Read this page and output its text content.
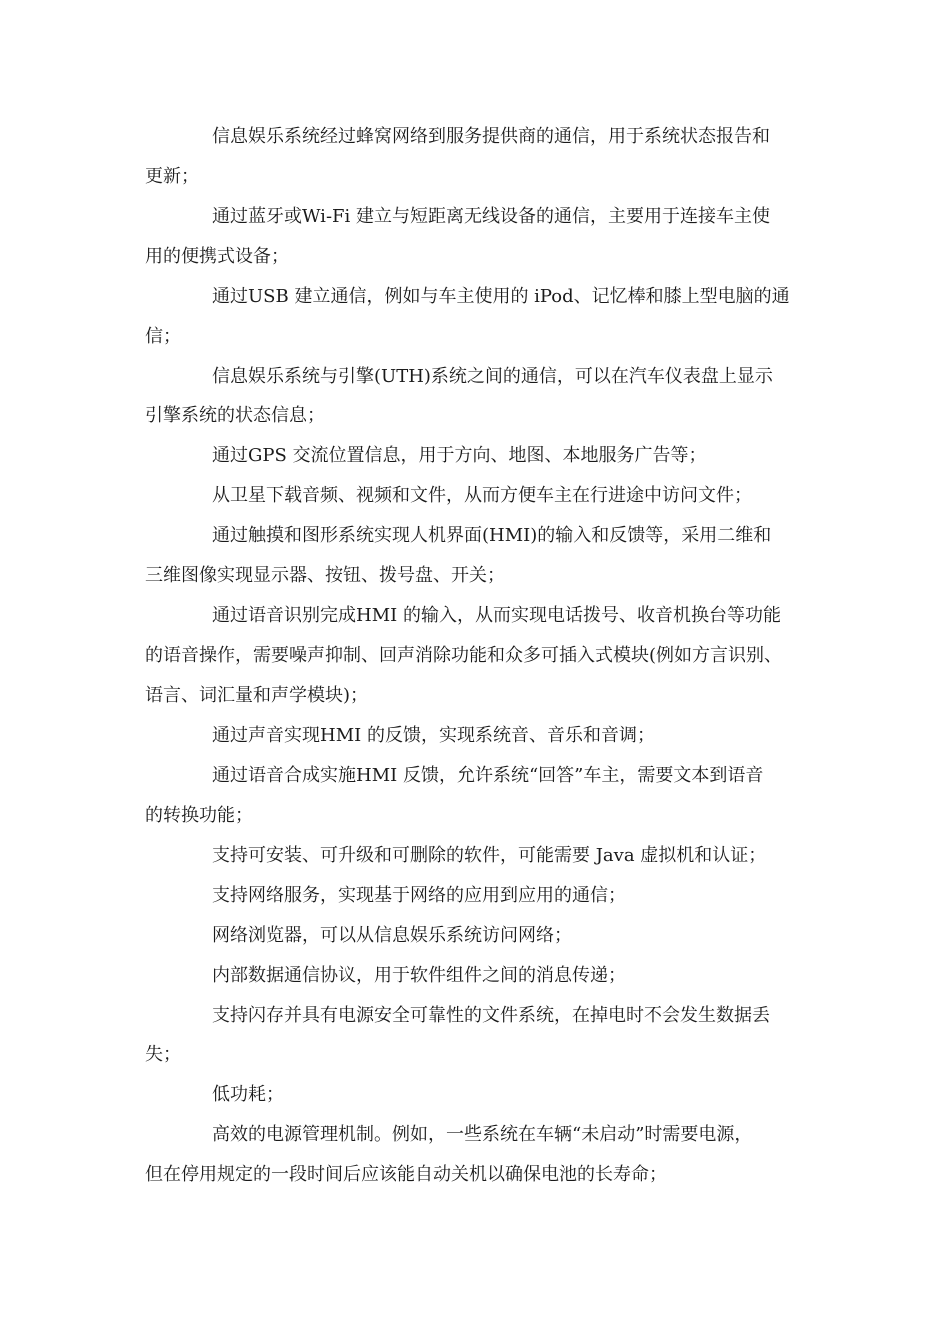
信息娱乐系统经过蜂窝网络到服务提供商的通信，用于系统状态报告和
更新；
通过蓝牙或Wi-Fi 建立与短距离无线设备的通信，主要用于连接车主使
用的便携式设备；
通过USB 建立通信，例如与车主使用的 iPod、记忆棒和膝上型电脑的通
信；
信息娱乐系统与引擎(UTH)系统之间的通信，可以在汽车仪表盘上显示
引擎系统的状态信息；
通过GPS 交流位置信息，用于方向、地图、本地服务广告等；
从卫星下载音频、视频和文件，从而方便车主在行进途中访问文件；
通过触摸和图形系统实现人机界面(HMI)的输入和反馈等，采用二维和
三维图像实现显示器、按钮、拨号盘、开关；
通过语音识别完成HMI 的输入，从而实现电话拨号、收音机换台等功能
的语音操作，需要噪声抑制、回声消除功能和众多可插入式模块(例如方言识别、
语言、词汇量和声学模块)；
通过声音实现HMI 的反馈，实现系统音、音乐和音调；
通过语音合成实施HMI 反馈，允许系统“回答”车主，需要文本到语音
的转换功能；
支持可安装、可升级和可删除的软件，可能需要 Java 虚拟机和认证；
支持网络服务，实现基于网络的应用到应用的通信；
网络浏览器，可以从信息娱乐系统访问网络；
内部数据通信协议，用于软件组件之间的消息传递；
支持闪存并具有电源安全可靠性的文件系统，在掉电时不会发生数据丢
失；
低功耗；
高效的电源管理机制。例如，一些系统在车辆“未启动”时需要电源，
但在停用规定的一段时间后应该能自动关机以确保电池的长寿命；
